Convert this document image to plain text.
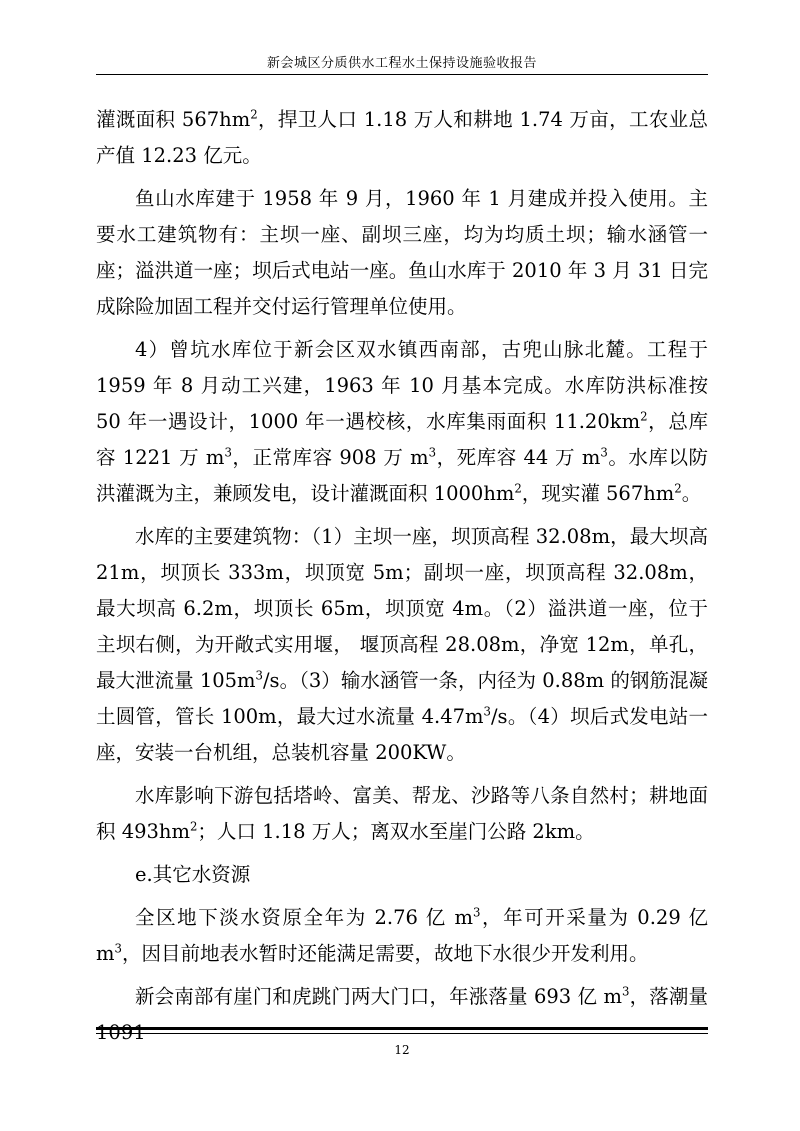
新会城区分质供水工程水土保持设施验收报告

灌溉面积 $567hm^2$，捍卫人口 1.18 万人和耕地 1.74 万亩，工农业总产值 12.23 亿元。

鱼山水库建于 1958 年 9 月，1960 年 1 月建成并投入使用。主要水工建筑物有：主坝一座、副坝三座，均为均质土坝；输水涵管一座；溢洪道一座；坝后式电站一座。鱼山水库于 2010 年 3 月 31 日完成除险加固工程并交付运行管理单位使用。

4）曾坑水库位于新会区双水镇西南部，古兜山脉北麓。工程于 1959 年 8 月动工兴建，1963 年 10 月基本完成。水库防洪标准按 50 年一遇设计，1000 年一遇校核，水库集雨面积 $11.20km^2$，总库容 1221 万 $m^3$，正常库容 908 万 $m^3$，死库容 44 万 $m^3$。水库以防洪灌溉为主，兼顾发电，设计灌溉面积 $1000hm^2$，现实灌 $567hm^2$。

水库的主要建筑物：（1）主坝一座，坝顶高程 32.08m，最大坝高 21m，坝顶长 333m，坝顶宽 5m；副坝一座，坝顶高程 32.08m，最大坝高 6.2m，坝顶长 65m，坝顶宽 4m。（2）溢洪道一座，位于主坝右侧，为开敞式实用堰， 堰顶高程 28.08m，净宽 12m，单孔，最大泄流量 $105m^3/s$。（3）输水涵管一条，内径为 0.88m 的钢筋混凝土圆管，管长 100m，最大过水流量 $4.47m^3/s$。（4）坝后式发电站一座，安装一台机组，总装机容量 200KW。

水库影响下游包括塔岭、富美、帮龙、沙路等八条自然村；耕地面积 $493hm^2$；人口 1.18 万人；离双水至崖门公路 2km。

e.其它水资源

全区地下淡水资原全年为 2.76 亿 $m^3$，年可开采量为 0.29 亿 $m^3$，因目前地表水暂时还能满足需要，故地下水很少开发利用。

新会南部有崖门和虎跳门两大门口，年涨落量 693 亿 $m^3$，落潮量

12
